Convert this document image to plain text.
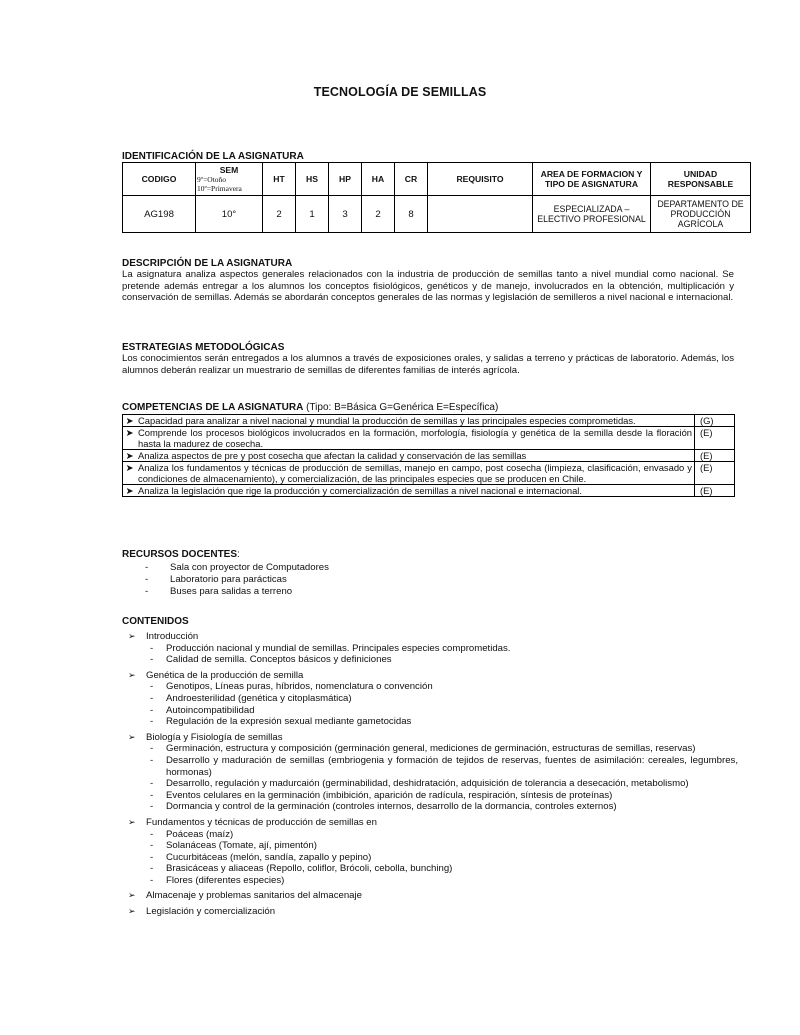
TECNOLOGÍA DE SEMILLAS
IDENTIFICACIÓN DE LA ASIGNATURA
CODIGO	SEM
9º=Otoño
10º=Primavera	HT	HS	HP	HA	CR	REQUISITO	AREA DE FORMACION Y TIPO DE ASIGNATURA	UNIDAD RESPONSABLE
AG198	10°	2	1	3	2	8		ESPECIALIZADA – ELECTIVO PROFESIONAL	DEPARTAMENTO DE PRODUCCIÓN AGRÍCOLA
DESCRIPCIÓN DE LA ASIGNATURA

La asignatura analiza aspectos generales relacionados con la industria de producción de semillas tanto a nivel mundial como nacional. Se pretende además entregar a los alumnos los conceptos fisiológicos, genéticos y de manejo, involucrados en la obtención, multiplicación y conservación de semillas. Además se abordarán conceptos generales de las normas y legislación de semilleros a nivel nacional e internacional.

ESTRATEGIAS METODOLÓGICAS

Los conocimientos serán entregados a los alumnos a través de exposiciones orales, y salidas a terreno y prácticas de laboratorio. Además, los alumnos deberán realizar un muestrario de semillas de diferentes familias de interés agrícola.

COMPETENCIAS DE LA ASIGNATURA (Tipo: B=Básica G=Genérica E=Específica)
➤	Capacidad para analizar a nivel nacional y mundial la producción de semillas y las principales especies comprometidas.	(G)
➤	Comprende los procesos biológicos involucrados en la formación, morfología, fisiología y genética de la semilla desde la floración hasta la madurez de cosecha.	(E)
➤	Analiza aspectos de pre y post cosecha que afectan la calidad y conservación de las semillas	(E)
➤	Analiza los fundamentos y técnicas de producción de semillas, manejo en campo, post cosecha (limpieza, clasificación, envasado y condiciones de almacenamiento), y comercialización, de las principales especies que se producen en Chile.	(E)
➤	Analiza la legislación que rige la producción y comercialización de semillas a nivel nacional e internacional.	(E)
RECURSOS DOCENTES:
- Sala con proyector de Computadores
- Laboratorio para parácticas
- Buses para salidas a terreno
CONTENIDOS
➢ Introducción
- Producción nacional y mundial de semillas. Principales especies comprometidas.
- Calidad de semilla. Conceptos básicos y definiciones
➢ Genética de la producción de semilla
- Genotipos, Líneas puras, híbridos, nomenclatura o convención
- Androesterilidad (genética y citoplasmática)
- Autoincompatibilidad
- Regulación de la expresión sexual mediante gametocidas
➢ Biología y Fisiología de semillas
- Germinación, estructura y composición (germinación general, mediciones de germinación, estructuras de semillas, reservas)
- Desarrollo y maduración de semillas (embriogenia y formación de tejidos de reservas, fuentes de asimilación: cereales, legumbres, hormonas)
- Desarrollo, regulación y madurcaión (germinabilidad, deshidratación, adquisición de tolerancia a desecación, metabolismo)
- Eventos celulares en la germinación (imbibición, aparición de radícula, respiración, síntesis de proteínas)
- Dormancia y control de la germinación (controles internos, desarrollo de la dormancia, controles externos)
➢ Fundamentos y técnicas de producción de semillas en
- Poáceas (maíz)
- Solanáceas (Tomate, ají, pimentón)
- Cucurbitáceas (melón, sandía, zapallo y pepino)
- Brasicáceas y aliaceas (Repollo, coliflor, Brócoli, cebolla, bunching)
- Flores (diferentes especies)
➢ Almacenaje y problemas sanitarios del almacenaje
➢ Legislación y comercialización
